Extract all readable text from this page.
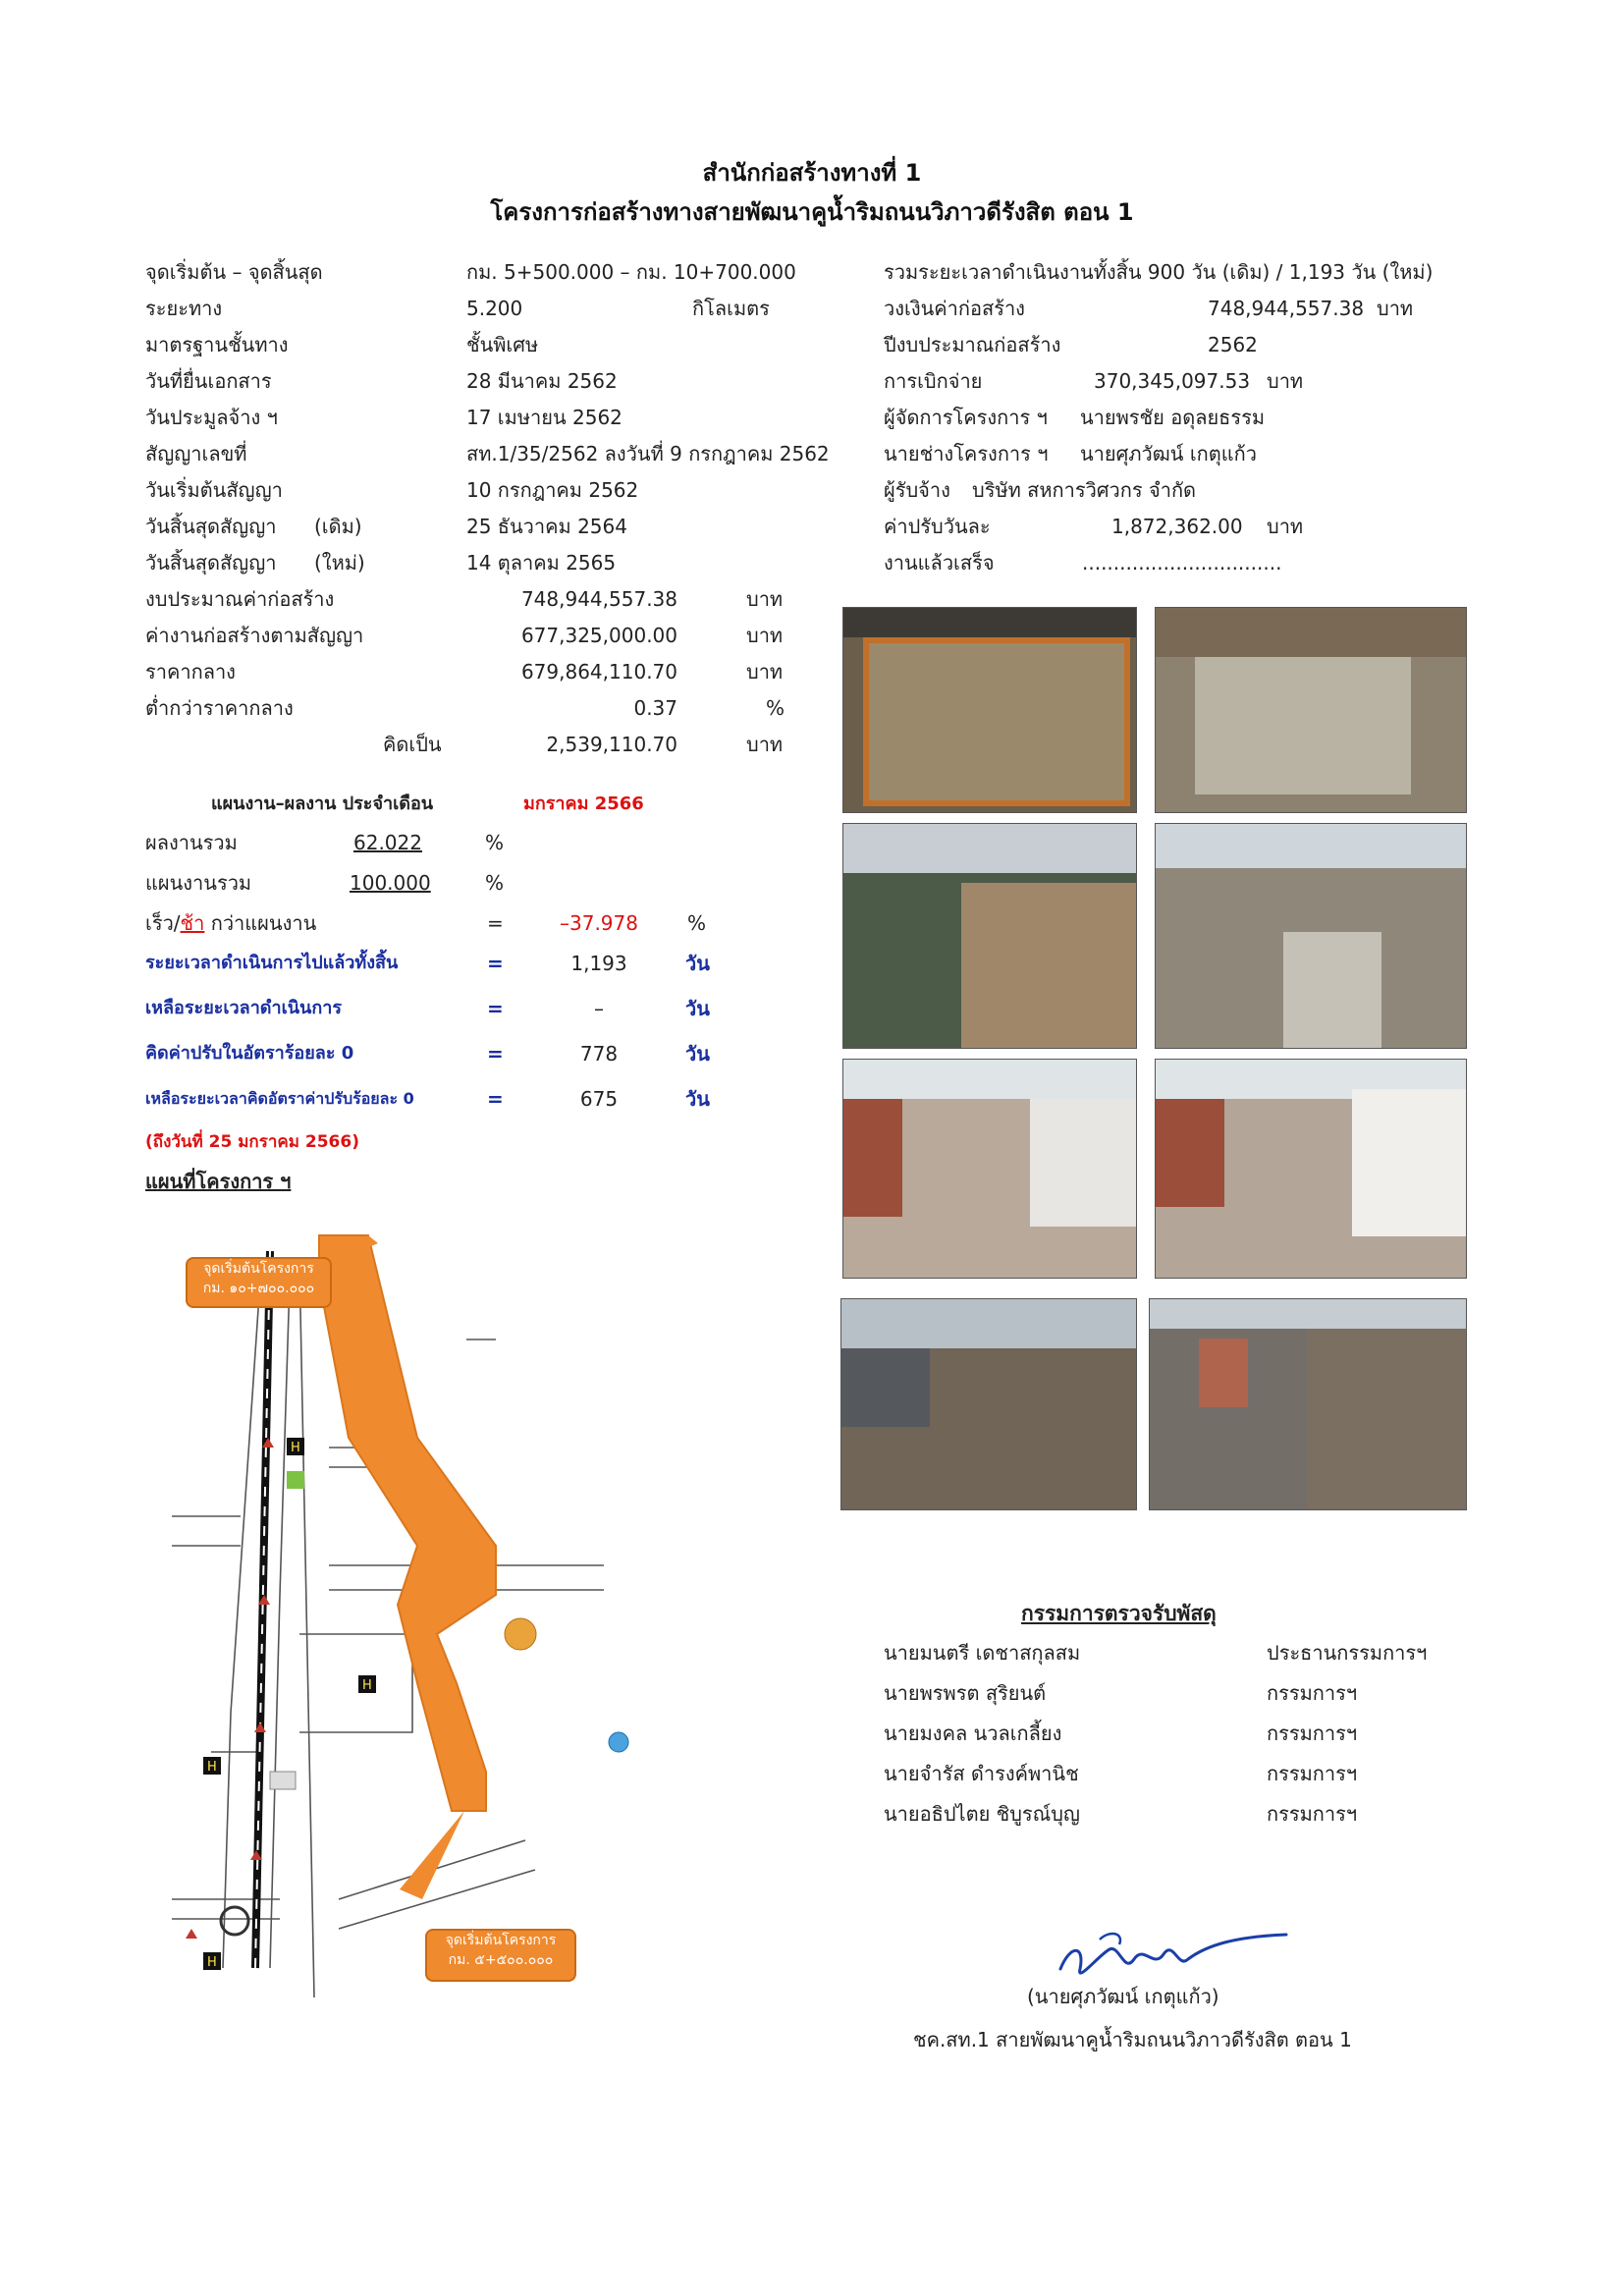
สำนักก่อสร้างทางที่ 1
โครงการก่อสร้างทางสายพัฒนาคูน้ำริมถนนวิภาวดีรังสิต ตอน 1
จุดเริ่มต้น – จุดสิ้นสุด	กม. 5+500.000 – กม. 10+700.000
ระยะทาง	5.200	กิโลเมตร
มาตรฐานชั้นทาง	ชั้นพิเศษ
วันที่ยื่นเอกสาร	28 มีนาคม 2562
วันประมูลจ้าง ฯ	17 เมษายน 2562
สัญญาเลขที่	สท.1/35/2562 ลงวันที่ 9 กรกฎาคม 2562
วันเริ่มต้นสัญญา	10 กรกฎาคม 2562
วันสิ้นสุดสัญญา (เดิม)	25 ธันวาคม 2564
วันสิ้นสุดสัญญา (ใหม่)	14 ตุลาคม 2565
รวมระยะเวลาดำเนินงานทั้งสิ้น 900 วัน (เดิม) / 1,193 วัน (ใหม่)
วงเงินค่าก่อสร้าง	748,944,557.38 บาท
ปีงบประมาณก่อสร้าง	2562
การเบิกจ่าย	370,345,097.53 บาท
ผู้จัดการโครงการ ฯ นายพรชัย อดุลยธรรม
นายช่างโครงการ ฯ นายศุภวัฒน์ เกตุแก้ว
ผู้รับจ้าง บริษัท สหการวิศวกร จำกัด
ค่าปรับวันละ	1,872,362.00 บาท
งานแล้วเสร็จ	................................
งบประมาณค่าก่อสร้าง	748,944,557.38	บาท
ค่างานก่อสร้างตามสัญญา	677,325,000.00	บาท
ราคากลาง	679,864,110.70	บาท
ต่ำกว่าราคากลาง	0.37	%
คิดเป็น	2,539,110.70	บาท
แผนงาน–ผลงาน ประจำเดือน	มกราคม 2566
ผลงานรวม	62.022	%
แผนงานรวม	100.000	%
เร็ว/ช้า กว่าแผนงาน	=	–37.978	%
ระยะเวลาดำเนินการไปแล้วทั้งสิ้น	=	1,193	วัน
เหลือระยะเวลาดำเนินการ	=	–	วัน
คิดค่าปรับในอัตราร้อยละ 0	=	778	วัน
เหลือระยะเวลาคิดอัตราค่าปรับร้อยละ 0	=	675	วัน
(ถึงวันที่ 25 มกราคม 2566)
แผนที่โครงการ ฯ
H
H
H
H
จุดเริ่มต้นโครงการ
กม. ๑๐+๗๐๐.๐๐๐
จุดเริ่มต้นโครงการ
กม. ๕+๕๐๐.๐๐๐
กรรมการตรวจรับพัสดุ
นายมนตรี เดชาสกุลสม	ประธานกรรมการฯ
นายพรพรต สุริยนต์	กรรมการฯ
นายมงคล นวลเกลี้ยง	กรรมการฯ
นายจำรัส ดำรงค์พานิช	กรรมการฯ
นายอธิปไตย ชิบูรณ์บุญ	กรรมการฯ
(นายศุภวัฒน์ เกตุแก้ว)
ชค.สท.1 สายพัฒนาคูน้ำริมถนนวิภาวดีรังสิต ตอน 1
